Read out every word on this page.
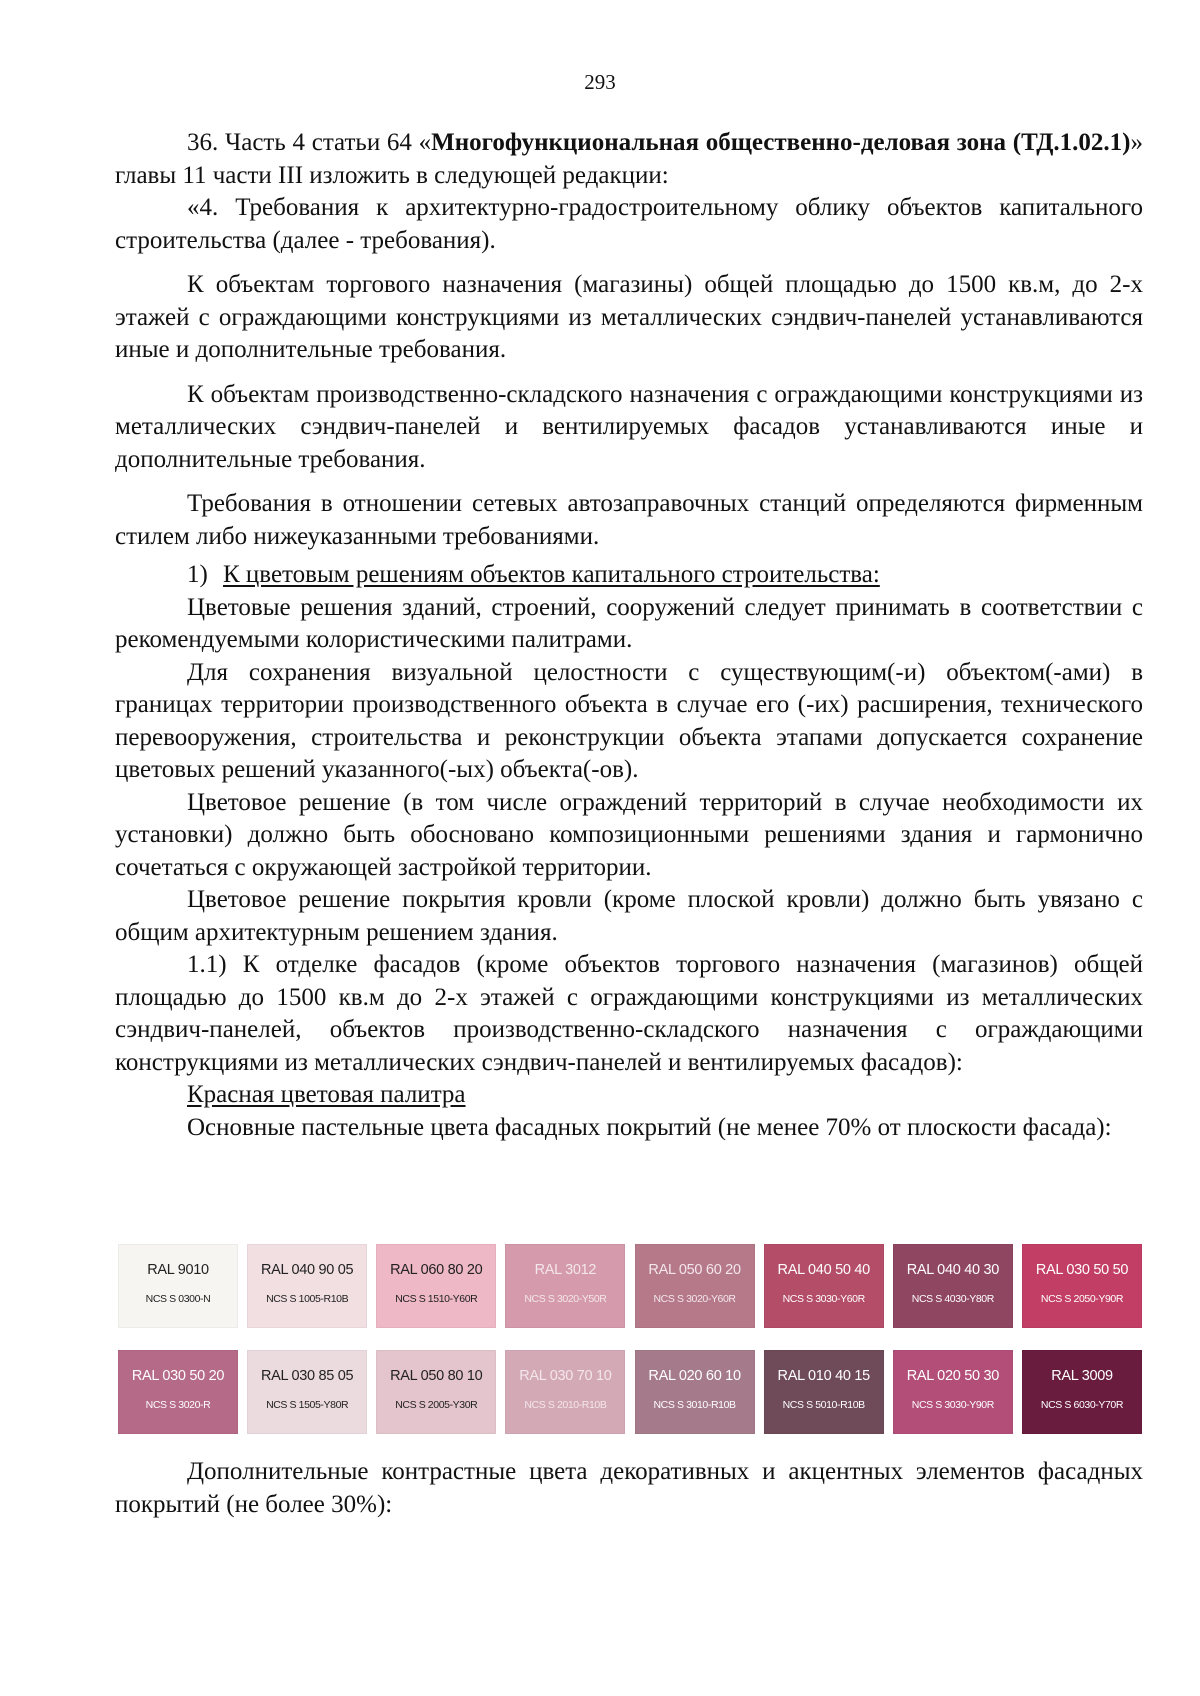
293

36. Часть 4 статьи 64 «Многофункциональная общественно-деловая зона (ТД.1.02.1)» главы 11 части III изложить в следующей редакции:

«4. Требования к архитектурно-градостроительному облику объектов капитального строительства (далее - требования).

К объектам торгового назначения (магазины) общей площадью до 1500 кв.м, до 2-х этажей с ограждающими конструкциями из металлических сэндвич-панелей устанавливаются иные и дополнительные требования.

К объектам производственно-складского назначения с ограждающими конструкциями из металлических сэндвич-панелей и вентилируемых фасадов устанавливаются иные и дополнительные требования.

Требования в отношении сетевых автозаправочных станций определяются фирменным стилем либо нижеуказанными требованиями.

1) К цветовым решениям объектов капитального строительства:

Цветовые решения зданий, строений, сооружений следует принимать в соответствии с рекомендуемыми колористическими палитрами.

Для сохранения визуальной целостности с существующим(-и) объектом(-ами) в границах территории производственного объекта в случае его (-их) расширения, технического перевооружения, строительства и реконструкции объекта этапами допускается сохранение цветовых решений указанного(-ых) объекта(-ов).

Цветовое решение (в том числе ограждений территорий в случае необходимости их установки) должно быть обосновано композиционными решениями здания и гармонично сочетаться с окружающей застройкой территории.

Цветовое решение покрытия кровли (кроме плоской кровли) должно быть увязано с общим архитектурным решением здания.

1.1) К отделке фасадов (кроме объектов торгового назначения (магазинов) общей площадью до 1500 кв.м до 2-х этажей с ограждающими конструкциями из металлических сэндвич-панелей, объектов производственно-складского назначения с ограждающими конструкциями из металлических сэндвич-панелей и вентилируемых фасадов):

Красная цветовая палитра

Основные пастельные цвета фасадных покрытий (не менее 70% от плоскости фасада):

RAL 9010
NCS S 0300-N
RAL 040 90 05
NCS S 1005-R10B
RAL 060 80 20
NCS S 1510-Y60R
RAL 3012
NCS S 3020-Y50R
RAL 050 60 20
NCS S 3020-Y60R
RAL 040 50 40
NCS S 3030-Y60R
RAL 040 40 30
NCS S 4030-Y80R
RAL 030 50 50
NCS S 2050-Y90R
RAL 030 50 20
NCS S 3020-R
RAL 030 85 05
NCS S 1505-Y80R
RAL 050 80 10
NCS S 2005-Y30R
RAL 030 70 10
NCS S 2010-R10B
RAL 020 60 10
NCS S 3010-R10B
RAL 010 40 15
NCS S 5010-R10B
RAL 020 50 30
NCS S 3030-Y90R
RAL 3009
NCS S 6030-Y70R

Дополнительные контрастные цвета декоративных и акцентных элементов фасадных покрытий (не более 30%):
